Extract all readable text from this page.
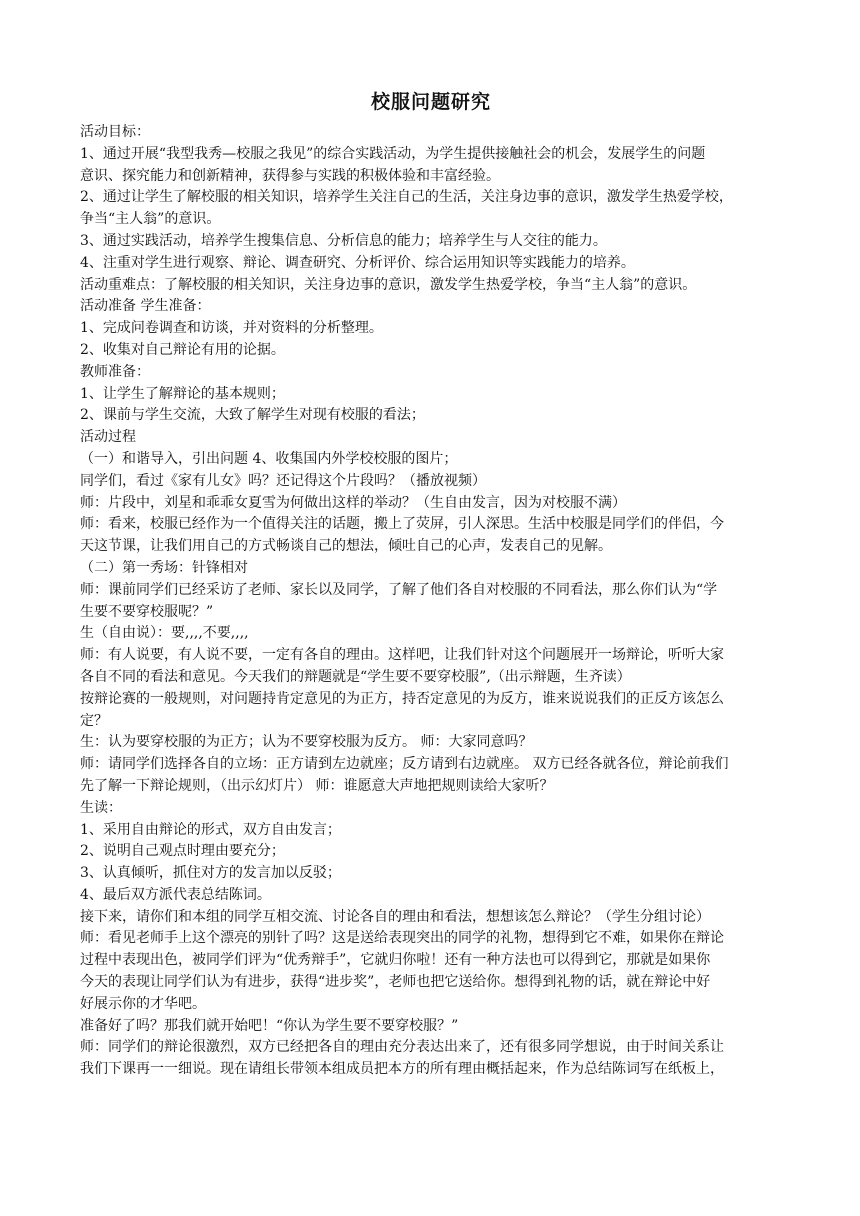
校服问题研究

活动目标：

1、通过开展“我型我秀—校服之我见”的综合实践活动，为学生提供接触社会的机会，发展学生的问题

意识、探究能力和创新精神，获得参与实践的积极体验和丰富经验。

2、通过让学生了解校服的相关知识，培养学生关注自己的生活，关注身边事的意识，激发学生热爱学校，

争当“主人翁”的意识。

3、通过实践活动，培养学生搜集信息、分析信息的能力；培养学生与人交往的能力。

4、注重对学生进行观察、辩论、调查研究、分析评价、综合运用知识等实践能力的培养。

活动重难点：了解校服的相关知识，关注身边事的意识，激发学生热爱学校，争当“主人翁”的意识。

活动准备 学生准备：

1、完成问卷调查和访谈，并对资料的分析整理。

2、收集对自己辩论有用的论据。

教师准备：

1、让学生了解辩论的基本规则；

2、课前与学生交流，大致了解学生对现有校服的看法；

活动过程

（一）和谐导入，引出问题 4、收集国内外学校校服的图片；

同学们，看过《家有儿女》吗？还记得这个片段吗？（播放视频）

师：片段中，刘星和乖乖女夏雪为何做出这样的举动？（生自由发言，因为对校服不满）

师：看来，校服已经作为一个值得关注的话题，搬上了荧屏，引人深思。生活中校服是同学们的伴侣，今

天这节课，让我们用自己的方式畅谈自己的想法，倾吐自己的心声，发表自己的见解。

（二）第一秀场：针锋相对

师：课前同学们已经采访了老师、家长以及同学，了解了他们各自对校服的不同看法，那么你们认为“学

生要不要穿校服呢？”

生（自由说）：要,,,,不要,,,,

师：有人说要，有人说不要，一定有各自的理由。这样吧，让我们针对这个问题展开一场辩论，听听大家

各自不同的看法和意见。今天我们的辩题就是“学生要不要穿校服”,（出示辩题，生齐读）

按辩论赛的一般规则，对问题持肯定意见的为正方，持否定意见的为反方，谁来说说我们的正反方该怎么

定？

生：认为要穿校服的为正方；认为不要穿校服为反方。 师：大家同意吗？

师：请同学们选择各自的立场：正方请到左边就座；反方请到右边就座。 双方已经各就各位，辩论前我们

先了解一下辩论规则，（出示幻灯片） 师：谁愿意大声地把规则读给大家听？

生读：

1、采用自由辩论的形式，双方自由发言；

2、说明自己观点时理由要充分；

3、认真倾听，抓住对方的发言加以反驳；

4、最后双方派代表总结陈词。

接下来，请你们和本组的同学互相交流、讨论各自的理由和看法，想想该怎么辩论？（学生分组讨论）

师：看见老师手上这个漂亮的别针了吗？这是送给表现突出的同学的礼物，想得到它不难，如果你在辩论

过程中表现出色，被同学们评为“优秀辩手”，它就归你啦！还有一种方法也可以得到它，那就是如果你

今天的表现让同学们认为有进步，获得“进步奖”，老师也把它送给你。想得到礼物的话，就在辩论中好

好展示你的才华吧。

准备好了吗？那我们就开始吧！“你认为学生要不要穿校服？”

师：同学们的辩论很激烈，双方已经把各自的理由充分表达出来了，还有很多同学想说，由于时间关系让

我们下课再一一细说。现在请组长带领本组成员把本方的所有理由概括起来，作为总结陈词写在纸板上，
